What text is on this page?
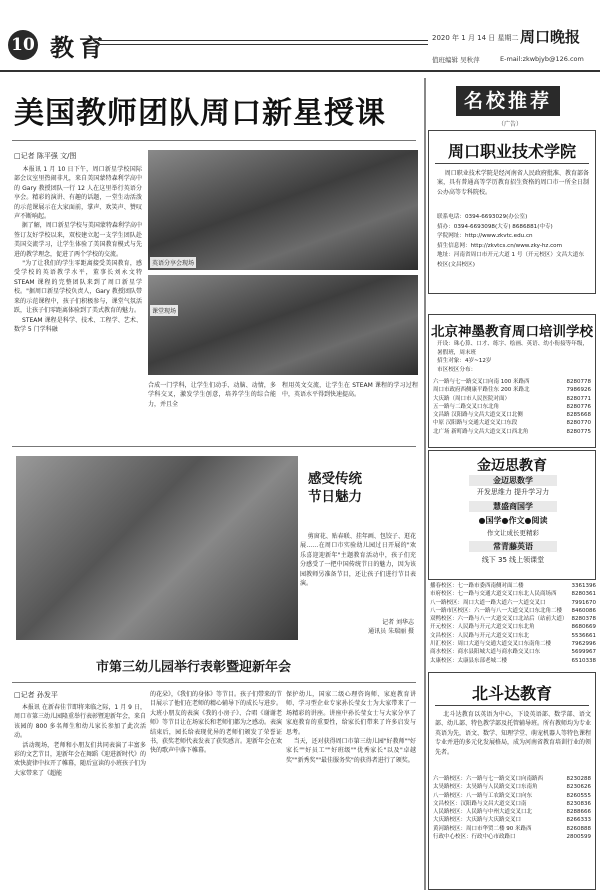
10 教育	2020 年 1 月 14 日 星期二 周口晚报
值班编辑 吴秋萍	E-mail:zkwbjyb@126.com
美国教师团队周口新星授课
□记者 陈平强 文/图
本报讯 1 月 10 日下午，周口新星学校国际部会议室里热闹非凡，来自美国蒙特森利学高中的 Gary 教授团队一行 12 人在这里举行英语分享会。精彩的演讲、有趣的话题，一堂生动活泼的示范课展示在大家面前，掌声、欢笑声、赞叹声不断响起。
据了解，周口新星学校与美国蒙特森利学高中签订友好学校以来，双校建立起一支学生团队赴美国交流学习，让学生体验了美国教育模式与先进的教学理念，促进了两个学校的交流。
"为了让我们的学生零距离接受美国教育，感受学校的英语教学水平，董事长刘永文特 STEAM 课程的完整团队来到了周口新星学校。"据周口新星学校负责人，Gary 教授团队带来的示范课程中，孩子们积极参与，课堂气氛活跃，让孩子们零距离体验到了美式教育的魅力。
STEAM 课程是科学、技术、工程学、艺术、数学 5 门学科融
英语分享会现场
课堂现场
合成一门学科，让学生们动手、动脑、动情，多学科交叉，激发学生创意，培养学生的综合能力，并且全
程用英文交流，让学生在 STEAM 课程的学习过程中，英语水平得到快速提高。
感受传统
节日魅力
剪窗花、贴春联、挂年画、包饺子、逛花展……在周口市实验幼儿园过日开展的"欢乐喜迎迎新年"主题教育活动中，孩子们充分感受了一把中国传统节日的魅力，因为该园教师另准备节目，还让孩子们进行节目表演。
记者 刘华志
通讯员 朱瑞丽 摄
市第三幼儿园举行表彰暨迎新年会
□记者 孙发平
本报讯 在新春佳节即将来临之际，1 月 9 日，周口市第三幼儿园隆重举行表彰暨迎新年会，来自该园的 800 多名师生和幼儿家长参加了此次活动。
活动现场，老师和小朋友们共同表演了丰富多彩的文艺节目，迎新年会在舞蹈《迎进新时代》的欢快旋律中拉开了帷幕，随后宣读的小班孩子们为大家带来了《超能
的花朵》，《我们的身体》等节目。孩子们带来的节目展示了他们在老师的精心辅导下的成长与进步。大班小朋友的表演《我的小房子》、合唱《谢谢老师》等节目让在场家长和老师们都为之感动。表演结束后，园长给表现优异的老师们颁发了荣誉证书，获奖老师代表发表了获奖感言。迎新年会在欢快的歌声中落下帷幕。
保护幼儿，国家二级心理咨询师、家庭教育讲师、学习型企业专家孙长莹女士为大家带来了一场精彩的讲座。讲座中孙长莹女士与大家分享了家庭教育的重要性，给家长们带来了许多启发与思考。
当天，还对获得周口市第三幼儿园"好教师""好家长""好员工""好班级""优秀家长"以及"卓越奖""新秀奖""最佳服务奖"的获得者进行了颁奖。
名校推荐
（广告）
周口职业技术学院
周口职业技术学院是经河南省人民政府批准、教育部备案，具有普通高等学历教育招生资格的周口市一所全日制公办高等专科院校。
联系电话：0394-6693029(办公室)
招办：0394-6693098(大专) 8686881(中专)
学院网址：http://www.zkvtc.edu.cn
招生信息网：http://zkvtcs.cn/www.zky-hz.com
地址：河南省周口市开元大道 1 号（开元校区）文昌大道东校区(文昌校区)
北京神墨教育周口培训学校
开设：珠心算、口才、练字、绘画、英语、幼小衔接等年级，暑假班，周末班
招生对象：4岁~12岁
市区校区分布：
六一路与七一路交叉口向南 100 米路西	8280778
周口市政府西侧康平路往东 200 米路北	7986926
大庆路（周口市人民医院对面）	8280771
五一路与二路交叉口东北角	8280776
文昌路 汉阳路与文昌大道交叉口北侧	8285668
中原 汉阳路与交通大道交叉口东段	8280770
北广场 新町路与文昌大道交叉口西北角	8280775
金迈思教育
金迈思数学
开发思维力 提升学习力
慧盛商国学
●国学●作文●阅读
作文让成长更精彩
常青藤英语
线下 35 线上领课堂
播春校区：七一路市委西南侧对面二楼	3361396
市府校区：七一路与交通大道交叉口东北人民商场西	8280361
八一路校区：周口大道一路大道六一大道交叉口	7991670
八一路市区校区：六一路与八一大道交叉口东北角二楼	8460086
双鸭校区：六一路与八一大道交叉口北站后（站前大道） 8280378
开元校区：人民路与开元大道交叉口东北角	8680669
文昌校区：人民路与开元大道交叉口东北	5536661
川汇校区：周口大道与交通大道交叉口东南角二楼	7962996
商水校区：商水县阳城大道与商水路交叉口东	5699967
太康校区：太康县东部老城二楼	6510338
北斗达教育
北斗达教育以英语为中心，下设英语部、数学部、语文部、幼儿部、特色教学部及托管辅导班。所有教师均为专业英语为先，语文、数学、知理学堂、萌宠机器人等特色课程专业并进的多元化发展格局，成为河南省教育培训行业的领先者。
六一路校区：六一路与七一路交叉口向南路西	8230288
太昊路校区：太昊路与人民路交叉口东南角	8230626
八一路校区：八一路与工农路交叉口向东	8260555
文昌校区：汉阳路与文昌大道交叉口南	8230836
人民路校区：人民路与中州大道交叉口北	8288666
大庆路校区：大庆路与大庆路交叉口	8266333
黄河路校区：周口市华贸二楼 90 米路西	8260888
行政中心校区：行政中心市政路口	2800599
